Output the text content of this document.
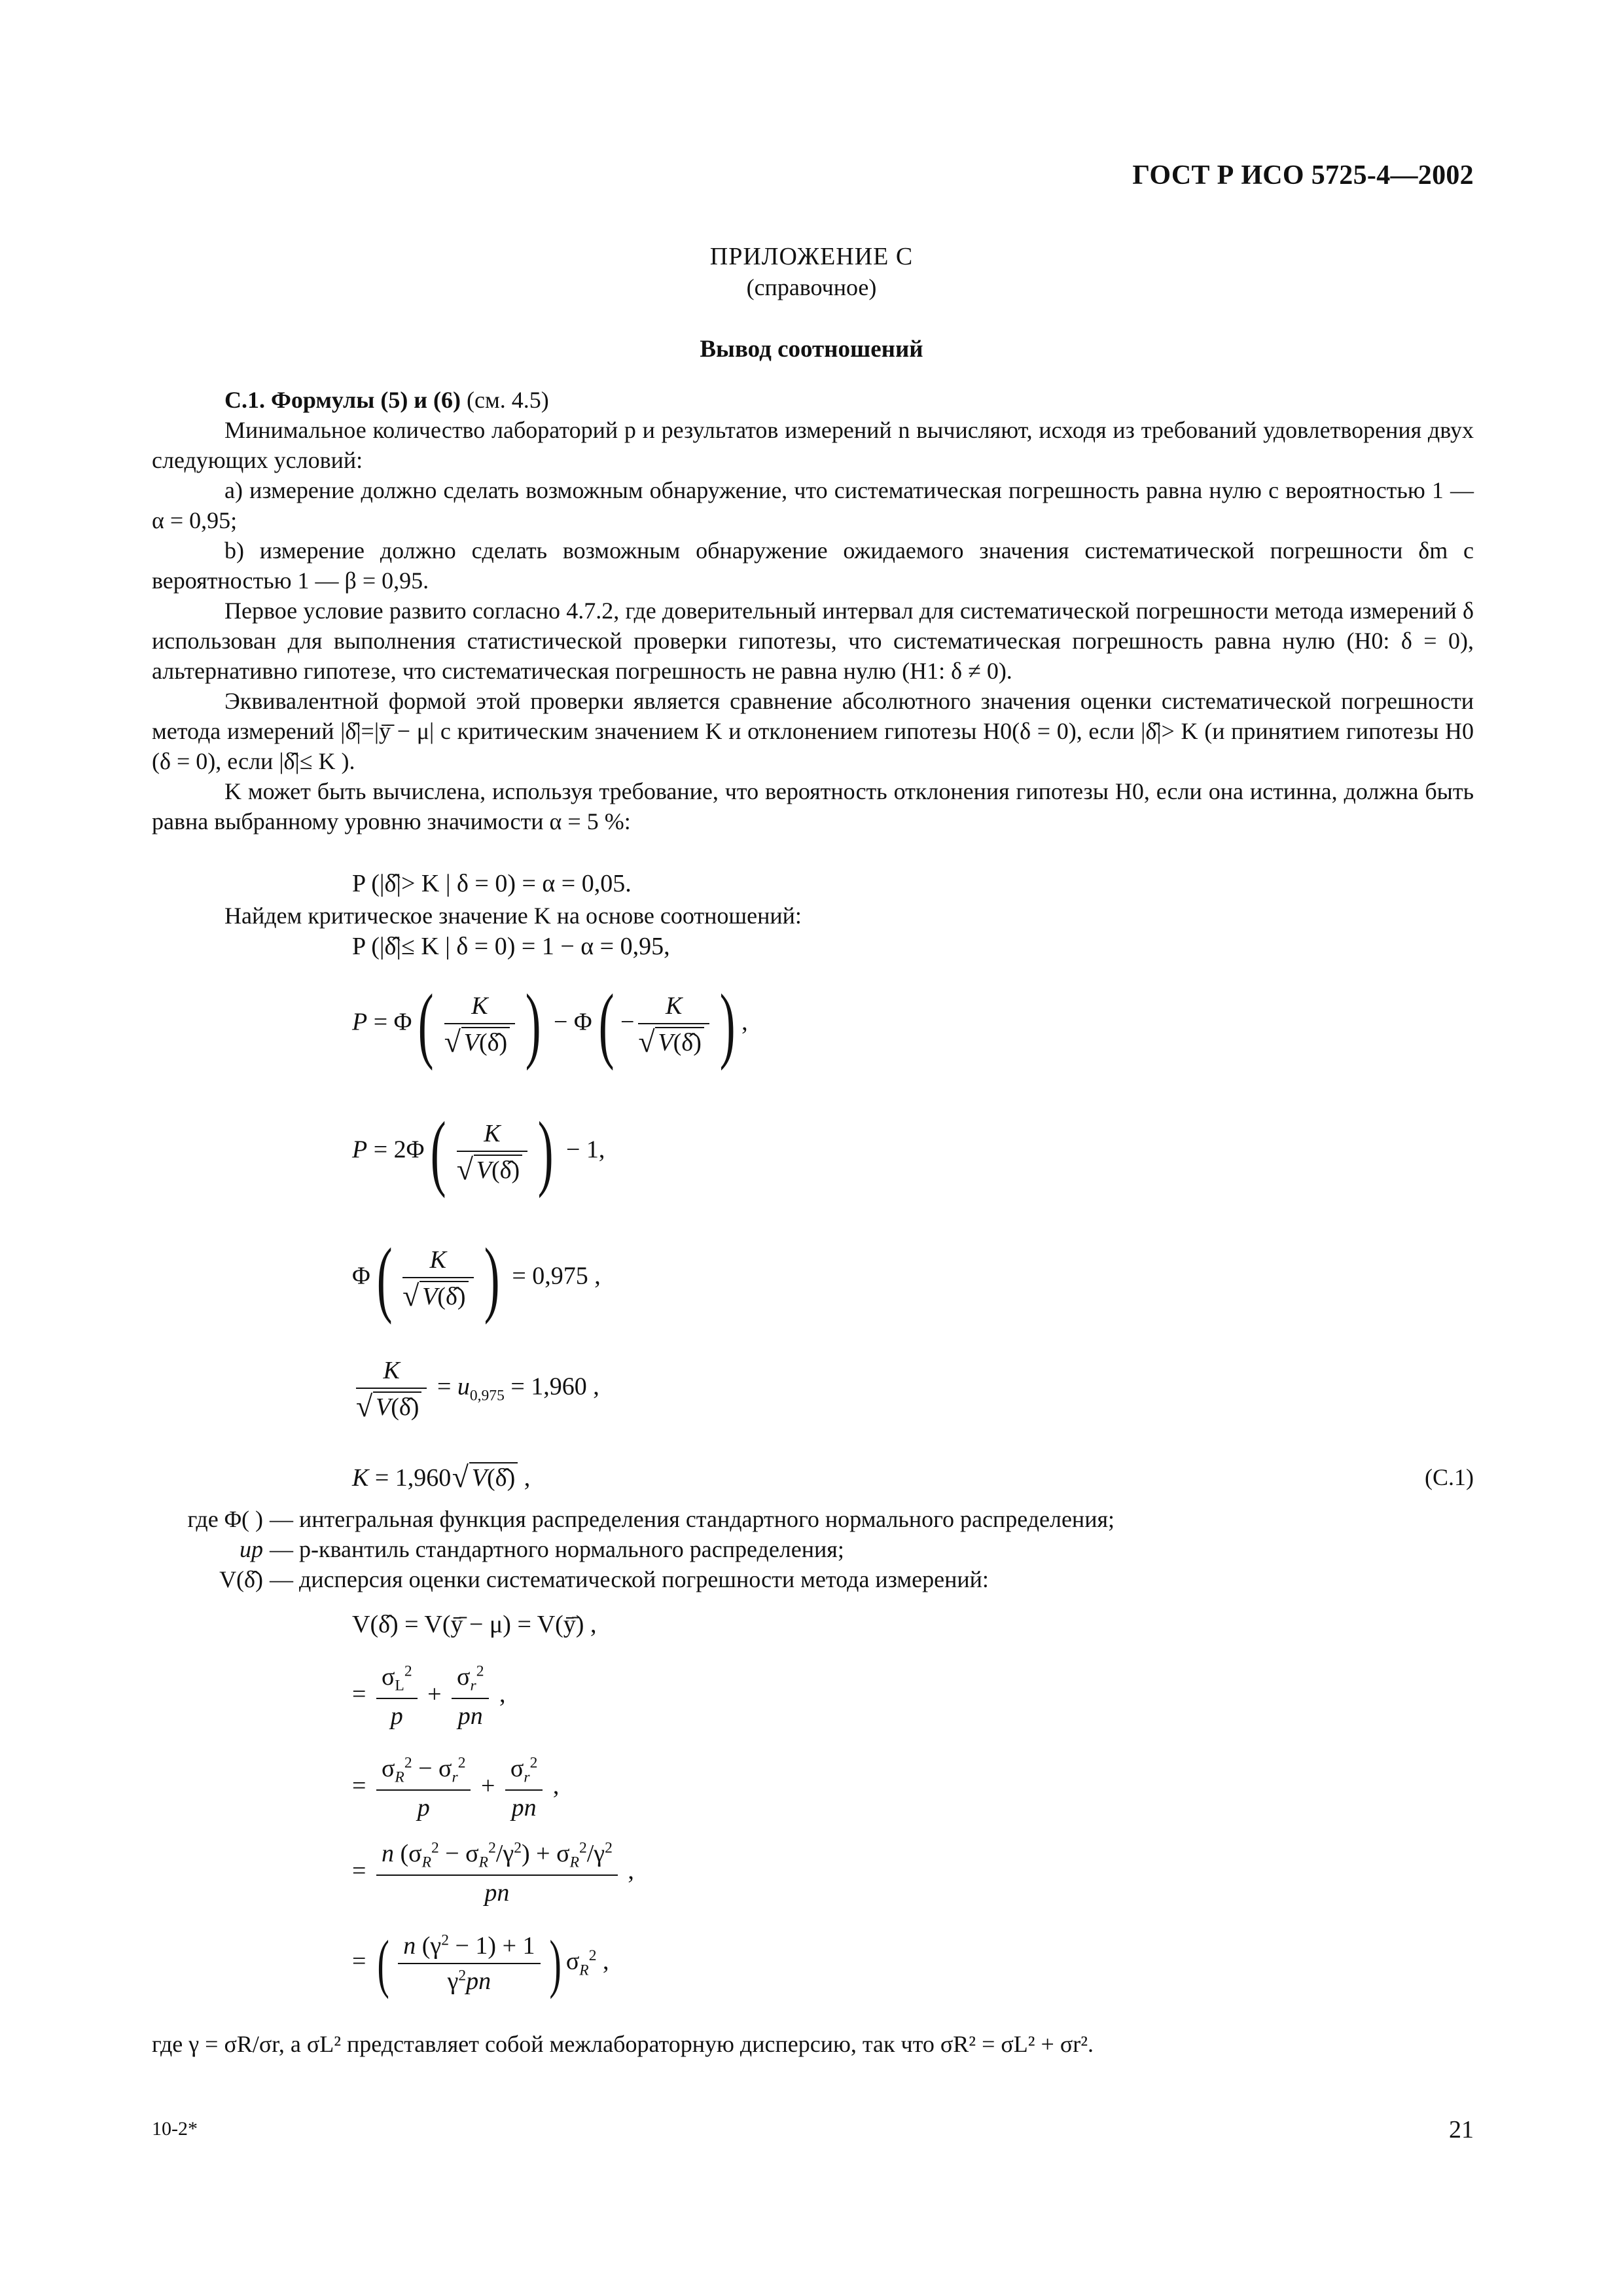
ГОСТ Р ИСО 5725-4—2002
ПРИЛОЖЕНИЕ С
(справочное)
Вывод соотношений

С.1. Формулы (5) и (6) (см. 4.5)

Минимальное количество лабораторий p и результатов измерений n вычисляют, исходя из требований удовлетворения двух следующих условий:

a) измерение должно сделать возможным обнаружение, что систематическая погрешность равна нулю с вероятностью 1 — α = 0,95;

b) измерение должно сделать возможным обнаружение ожидаемого значения систематической погрешности δm с вероятностью 1 — β = 0,95.

Первое условие развито согласно 4.7.2, где доверительный интервал для систематической погрешности метода измерений δ использован для выполнения статистической проверки гипотезы, что систематическая погрешность равна нулю (H0: δ = 0), альтернативно гипотезе, что систематическая погрешность не равна нулю (H1: δ ≠ 0).

Эквивалентной формой этой проверки является сравнение абсолютного значения оценки систематической погрешности метода измерений |δ̂|=|ȳ̄ − μ| с критическим значением K и отклонением гипотезы H0(δ = 0), если |δ̂|> K (и принятием гипотезы H0 (δ = 0), если |δ̂|≤ K ).

K может быть вычислена, используя требование, что вероятность отклонения гипотезы H0, если она истинна, должна быть равна выбранному уровню значимости α = 5 %:

P (|δ̂|> K | δ = 0) = α = 0,05.

Найдем критическое значение K на основе соотношений:

P (|δ̂|≤ K | δ = 0) = 1 − α = 0,95,
P = Φ( K
√ V(δ̂) ) − Φ( − K
√ V(δ̂) ) ,
P = 2Φ( K
√ V(δ̂) ) − 1,
Φ( K
√ V(δ̂) ) = 0,975 ,
K
√ V(δ̂) = $u_{0,975} = 1,960$ ,
K = 1,960 √ V(δ̂) ,	(С.1)
где Φ( ) — интегральная функция распределения стандартного нормального распределения;
up — p-квантиль стандартного нормального распределения;
V(δ̂) — дисперсия оценки систематической погрешности метода измерений:
V(δ̂) = V(ȳ̄ − μ) = V(ȳ̄) ,
= $\frac{\sigma_L^2}{p} + \frac{\sigma_r^2}{pn}$ ,
= $\frac{\sigma_R^2 - \sigma_r^2}{p} + \frac{\sigma_r^2}{pn}$ ,
= $\frac{n (\sigma_R^2 - \sigma_R^2/\gamma^2) + \sigma_R^2/\gamma^2}{pn}$ ,
= ( $\frac{n (\gamma^2 - 1) + 1}{\gamma^2pn}$ ) $\sigma_R^2$ ,

где γ = σR/σr, а σL² представляет собой межлабораторную дисперсию, так что σR² = σL² + σr².

10-2*	21
